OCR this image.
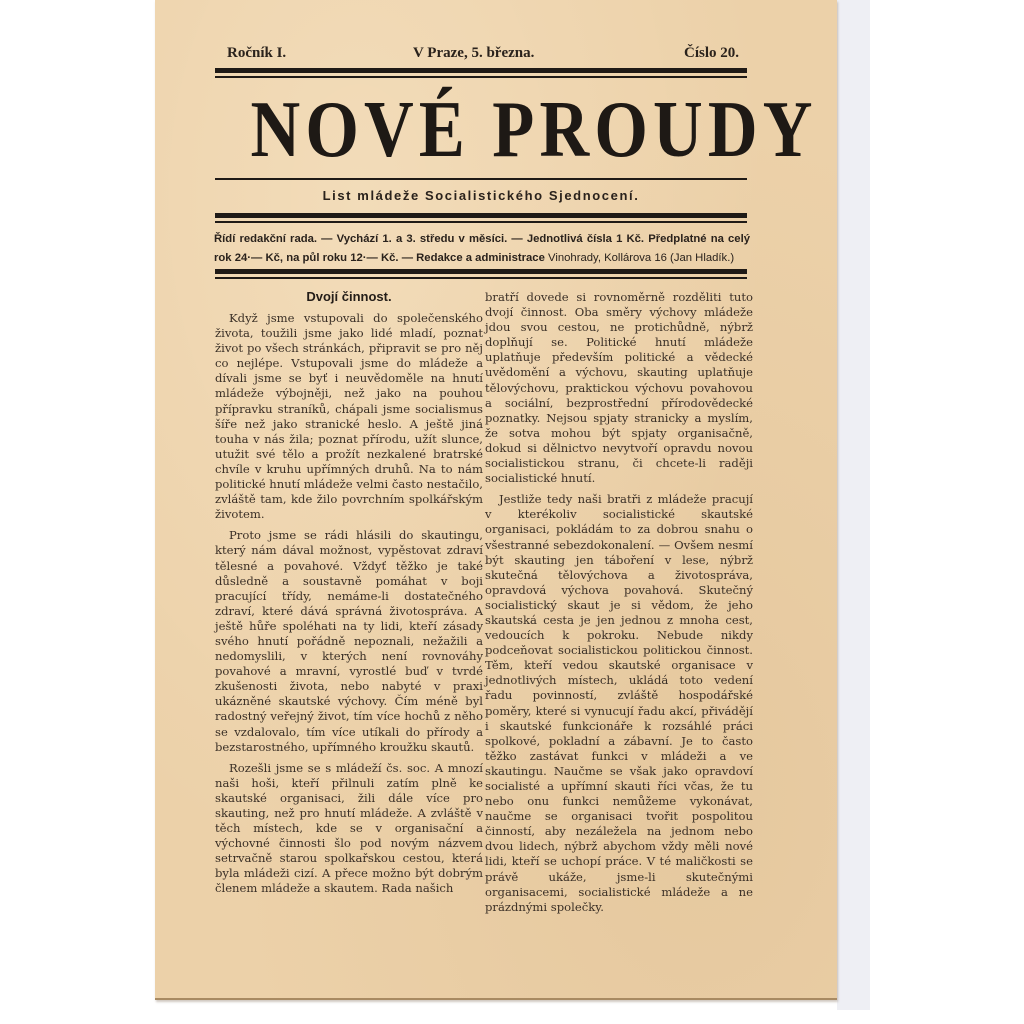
Ročník I.	V Praze, 5. března.	Číslo 20.
NOVÉ PROUDY
List mládeže Socialistického Sjednocení.
Řídí redakční rada. — Vychází 1. a 3. středu v měsíci. — Jednotlivá čísla 1 Kč. Předplatné na celý rok 24·— Kč, na půl roku 12·— Kč. — Redakce a administrace Vinohrady, Kollárova 16 (Jan Hladík.)
Dvojí činnost.

Když jsme vstupovali do společenského života, toužili jsme jako lidé mladí, poznat život po všech stránkách, připravit se pro něj co nejlépe. Vstupovali jsme do mládeže a dívali jsme se byť i neuvědoměle na hnutí mládeže výbojněji, než jako na pouhou přípravku straníků, chápali jsme socialismus šíře než jako stranické heslo. A ještě jiná touha v nás žila; poznat přírodu, užít slunce, utužit své tělo a prožít nezkalené bratrské chvíle v kruhu upřímných druhů. Na to nám politické hnutí mládeže velmi často nestačilo, zvláště tam, kde žilo povrchním spolkářským životem.

Proto jsme se rádi hlásili do skautingu, který nám dával možnost, vypěstovat zdraví tělesné a povahové. Vždyť těžko je také důsledně a soustavně pomáhat v boji pracující třídy, nemáme-li dostatečného zdraví, které dává správná životospráva. A ještě hůře spoléhati na ty lidi, kteří zásady svého hnutí pořádně nepoznali, nežažili a nedomyslili, v kterých není rovnováhy povahové a mravní, vyrostlé buď v tvrdé zkušenosti života, nebo nabyté v praxi ukázněné skautské výchovy. Čím méně byl radostný veřejný život, tím více hochů z něho se vzdalovalo, tím více utíkali do přírody a bezstarostného, upřímného kroužku skautů.

Rozešli jsme se s mládeží čs. soc. A mnozí naši hoši, kteří přilnuli zatím plně ke skautské organisaci, žili dále více pro skauting, než pro hnutí mládeže. A zvláště v těch místech, kde se v organisační a výchovné činnosti šlo pod novým názvem setrvačně starou spolkařskou cestou, která byla mládeži cizí. A přece možno být dobrým členem mládeže a skautem. Rada našich

bratří dovede si rovnoměrně rozděliti tuto dvojí činnost. Oba směry výchovy mládeže jdou svou cestou, ne protichůdně, nýbrž doplňují se. Politické hnutí mládeže uplatňuje především politické a vědecké uvědomění a výchovu, skauting uplatňuje tělovýchovu, praktickou výchovu povahovou a sociální, bezprostřední přírodovědecké poznatky. Nejsou spjaty stranicky a myslím, že sotva mohou být spjaty organisačně, dokud si dělnictvo nevytvoří opravdu novou socialistickou stranu, či chcete-li raději socialistické hnutí.

Jestliže tedy naši bratři z mládeže pracují v kterékoliv socialistické skautské organisaci, pokládám to za dobrou snahu o všestranné sebezdokonalení. — Ovšem nesmí být skauting jen táboření v lese, nýbrž skutečná tělovýchova a životospráva, opravdová výchova povahová. Skutečný socialistický skaut je si vědom, že jeho skautská cesta je jen jednou z mnoha cest, vedoucích k pokroku. Nebude nikdy podceňovat socialistickou politickou činnost. Těm, kteří vedou skautské organisace v jednotlivých místech, ukládá toto vedení řadu povinností, zvláště hospodářské poměry, které si vynucují řadu akcí, přivádějí i skautské funkcionáře k rozsáhlé práci spolkové, pokladní a zábavní. Je to často těžko zastávat funkci v mládeži a ve skautingu. Naučme se však jako opravdoví socialisté a upřímní skauti říci včas, že tu nebo onu funkci nemůžeme vykonávat, naučme se organisaci tvořit pospolitou činností, aby nezáležela na jednom nebo dvou lidech, nýbrž abychom vždy měli nové lidi, kteří se uchopí práce. V té maličkosti se právě ukáže, jsme-li skutečnými organisacemi, socialistické mládeže a ne prázdnými společky.
